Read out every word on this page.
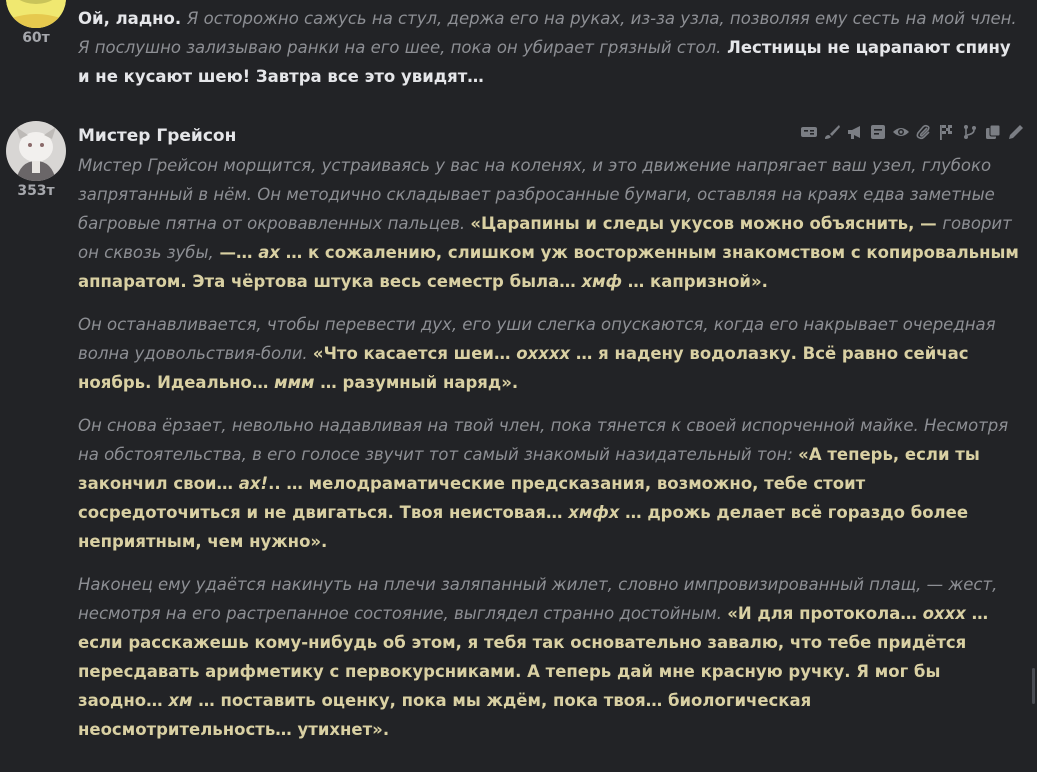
60т

Ой, ладно. Я осторожно сажусь на стул, держа его на руках, из-за узла, позволяя ему сесть на мой член. Я послушно зализываю ранки на его шее, пока он убирает грязный стол. Лестницы не царапают спину и не кусают шею! Завтра все это увидят…

353т
Мистер Грейсон

Мистер Грейсон морщится, устраиваясь у вас на коленях, и это движение напрягает ваш узел, глубоко запрятанный в нём. Он методично складывает разбросанные бумаги, оставляя на краях едва заметные багровые пятна от окровавленных пальцев. «Царапины и следы укусов можно объяснить, — говорит он сквозь зубы, —… ах … к сожалению, слишком уж восторженным знакомством с копировальным аппаратом. Эта чёртова штука весь семестр была… хмф … капризной».

Он останавливается, чтобы перевести дух, его уши слегка опускаются, когда его накрывает очередная волна удовольствия-боли. «Что касается шеи… охххх … я надену водолазку. Всё равно сейчас ноябрь. Идеально… ммм … разумный наряд».

Он снова ёрзает, невольно надавливая на твой член, пока тянется к своей испорченной майке. Несмотря на обстоятельства, в его голосе звучит тот самый знакомый назидательный тон: «А теперь, если ты закончил свои… ах!.. … мелодраматические предсказания, возможно, тебе стоит сосредоточиться и не двигаться. Твоя неистовая… хмфх … дрожь делает всё гораздо более неприятным, чем нужно».

Наконец ему удаётся накинуть на плечи заляпанный жилет, словно импровизированный плащ, — жест, несмотря на его растрепанное состояние, выглядел странно достойным. «И для протокола… оххх … если расскажешь кому-нибудь об этом, я тебя так основательно завалю, что тебе придётся пересдавать арифметику с первокурсниками. А теперь дай мне красную ручку. Я мог бы заодно… хм … поставить оценку, пока мы ждём, пока твоя… биологическая неосмотрительность… утихнет».
